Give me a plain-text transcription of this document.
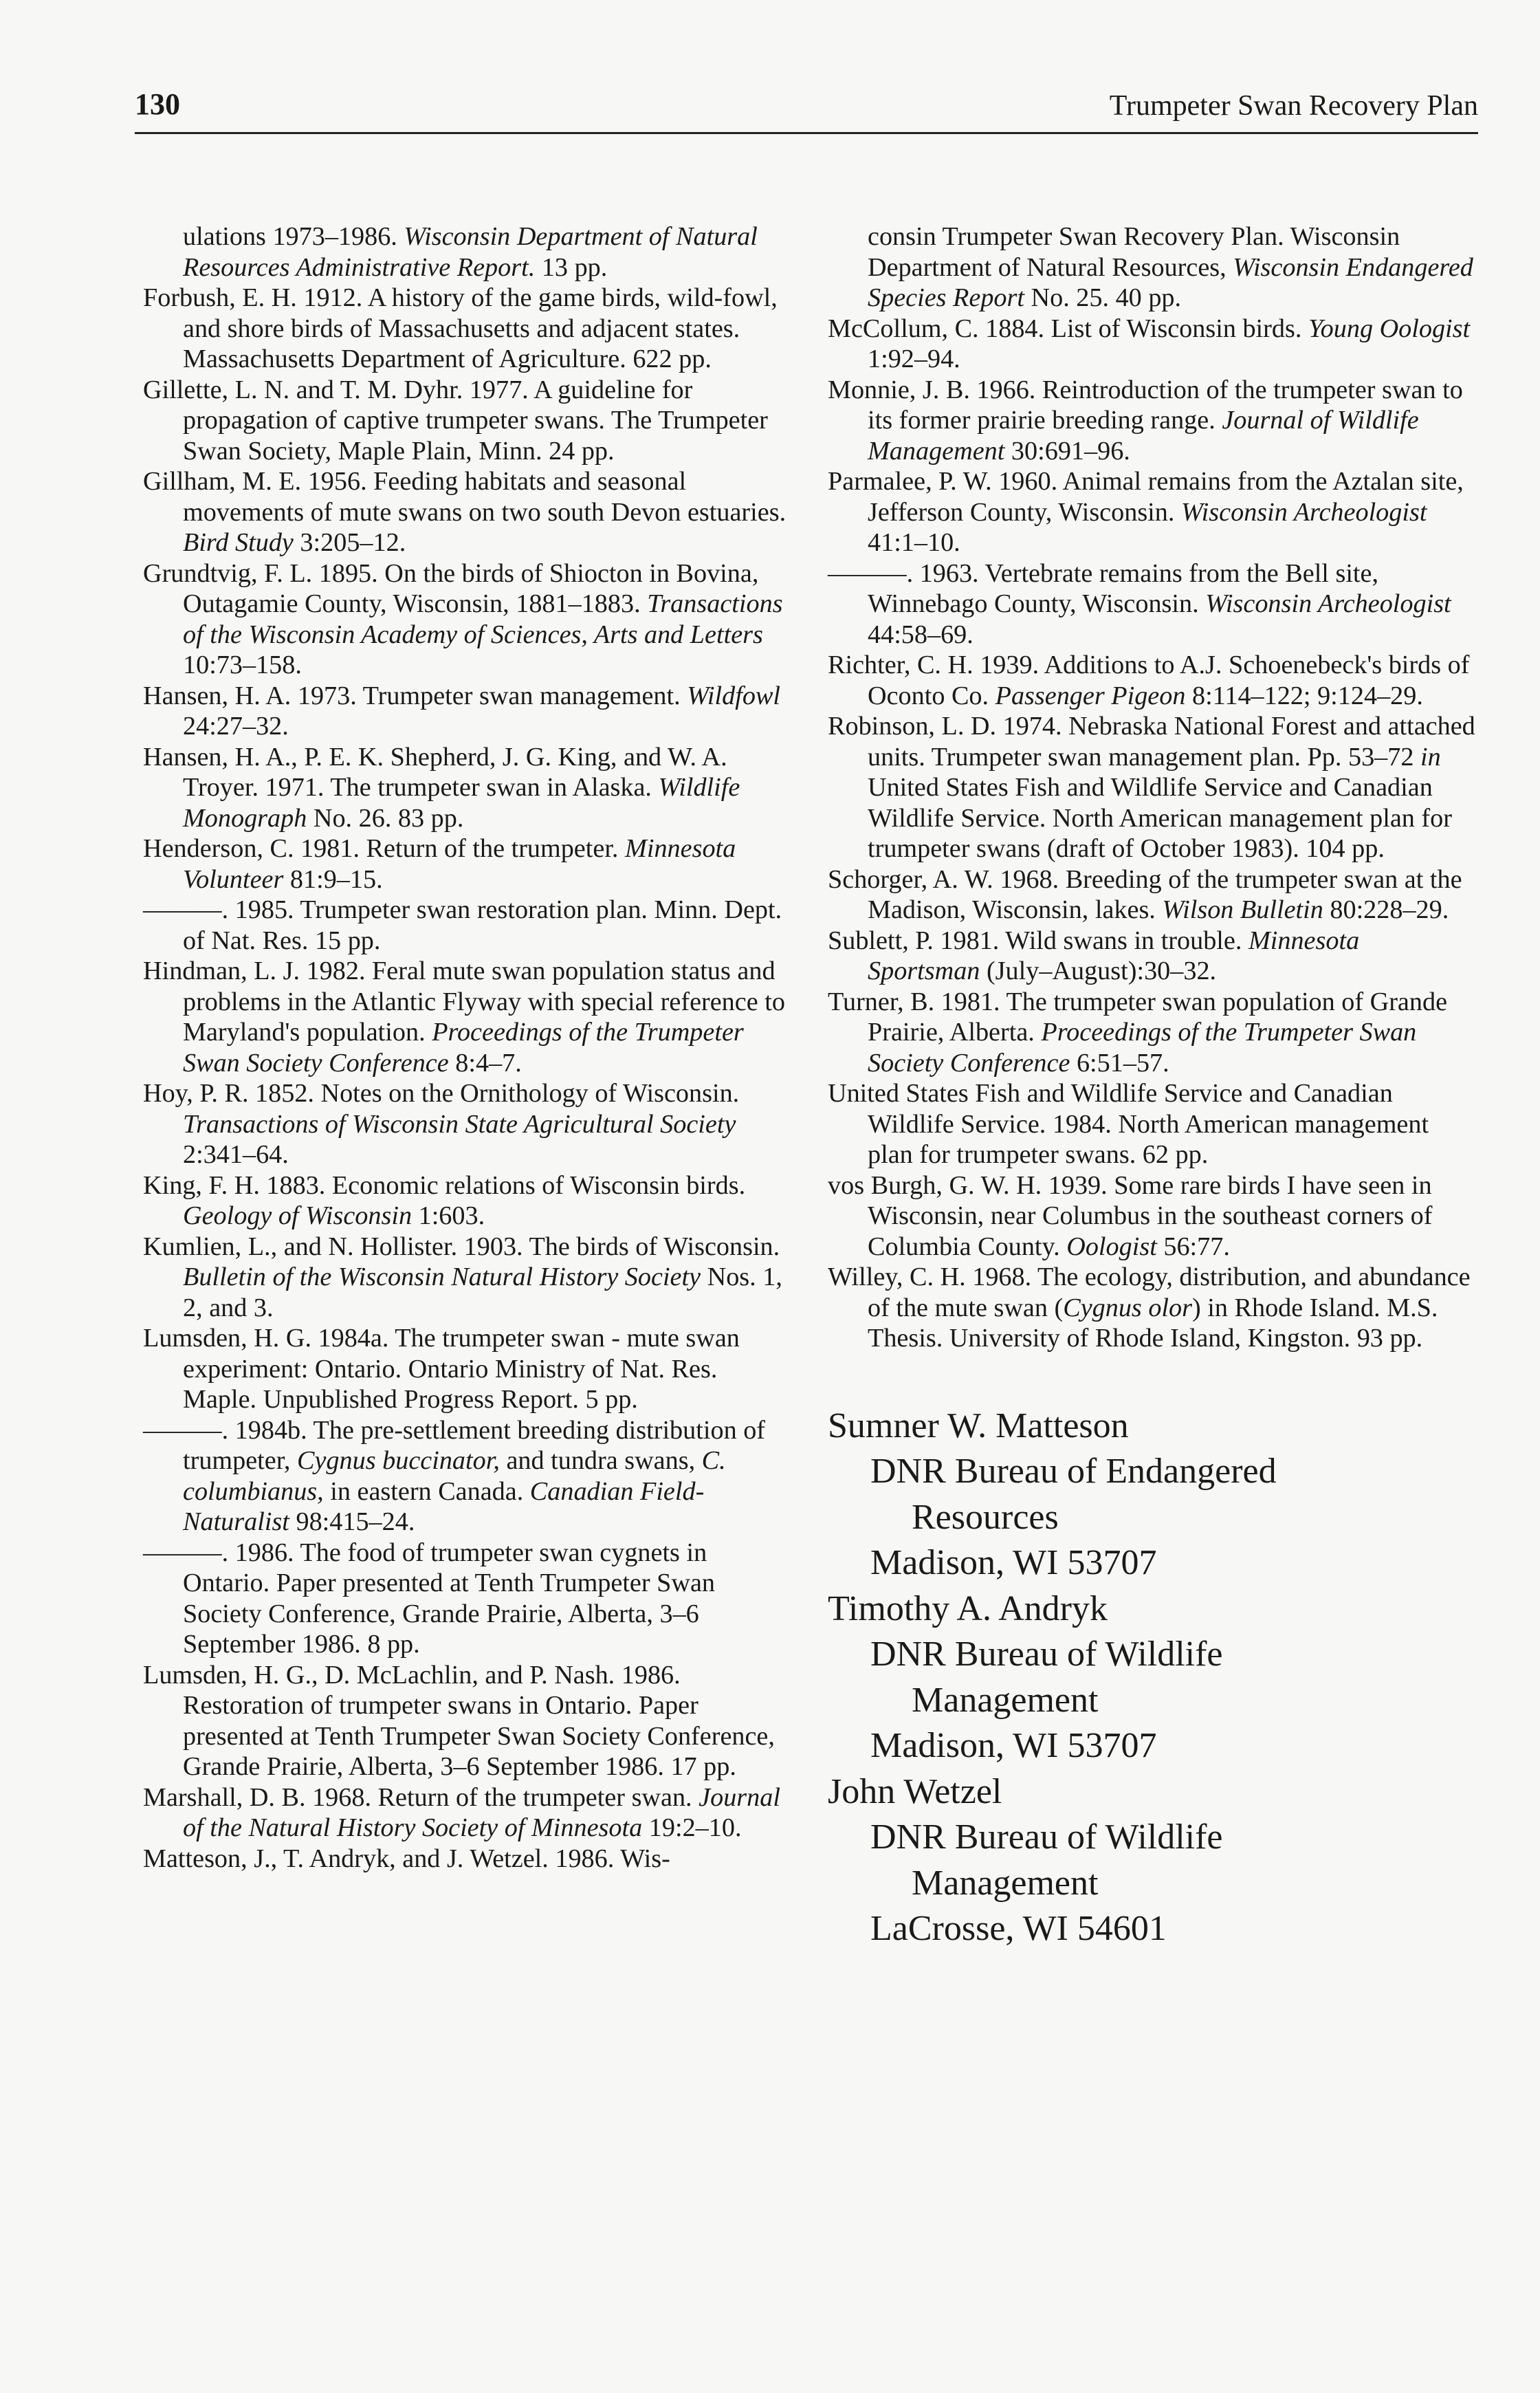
130	Trumpeter Swan Recovery Plan

ulations 1973–1986. Wisconsin Department of Natural Resources Administrative Report. 13 pp.

Forbush, E. H. 1912. A history of the game birds, wild-fowl, and shore birds of Massachusetts and adjacent states. Massachusetts Department of Agriculture. 622 pp.

Gillette, L. N. and T. M. Dyhr. 1977. A guideline for propagation of captive trumpeter swans. The Trumpeter Swan Society, Maple Plain, Minn. 24 pp.

Gillham, M. E. 1956. Feeding habitats and seasonal movements of mute swans on two south Devon estuaries. Bird Study 3:205–12.

Grundtvig, F. L. 1895. On the birds of Shiocton in Bovina, Outagamie County, Wisconsin, 1881–1883. Transactions of the Wisconsin Academy of Sciences, Arts and Letters 10:73–158.

Hansen, H. A. 1973. Trumpeter swan management. Wildfowl 24:27–32.

Hansen, H. A., P. E. K. Shepherd, J. G. King, and W. A. Troyer. 1971. The trumpeter swan in Alaska. Wildlife Monograph No. 26. 83 pp.

Henderson, C. 1981. Return of the trumpeter. Minnesota Volunteer 81:9–15.

———. 1985. Trumpeter swan restoration plan. Minn. Dept. of Nat. Res. 15 pp.

Hindman, L. J. 1982. Feral mute swan population status and problems in the Atlantic Flyway with special reference to Maryland's population. Proceedings of the Trumpeter Swan Society Conference 8:4–7.

Hoy, P. R. 1852. Notes on the Ornithology of Wisconsin. Transactions of Wisconsin State Agricultural Society 2:341–64.

King, F. H. 1883. Economic relations of Wisconsin birds. Geology of Wisconsin 1:603.

Kumlien, L., and N. Hollister. 1903. The birds of Wisconsin. Bulletin of the Wisconsin Natural History Society Nos. 1, 2, and 3.

Lumsden, H. G. 1984a. The trumpeter swan - mute swan experiment: Ontario. Ontario Ministry of Nat. Res. Maple. Unpublished Progress Report. 5 pp.

———. 1984b. The pre-settlement breeding distribution of trumpeter, Cygnus buccinator, and tundra swans, C. columbianus, in eastern Canada. Canadian Field-Naturalist 98:415–24.

———. 1986. The food of trumpeter swan cygnets in Ontario. Paper presented at Tenth Trumpeter Swan Society Conference, Grande Prairie, Alberta, 3–6 September 1986. 8 pp.

Lumsden, H. G., D. McLachlin, and P. Nash. 1986. Restoration of trumpeter swans in Ontario. Paper presented at Tenth Trumpeter Swan Society Conference, Grande Prairie, Alberta, 3–6 September 1986. 17 pp.

Marshall, D. B. 1968. Return of the trumpeter swan. Journal of the Natural History Society of Minnesota 19:2–10.

Matteson, J., T. Andryk, and J. Wetzel. 1986. Wis-

consin Trumpeter Swan Recovery Plan. Wisconsin Department of Natural Resources, Wisconsin Endangered Species Report No. 25. 40 pp.

McCollum, C. 1884. List of Wisconsin birds. Young Oologist 1:92–94.

Monnie, J. B. 1966. Reintroduction of the trumpeter swan to its former prairie breeding range. Journal of Wildlife Management 30:691–96.

Parmalee, P. W. 1960. Animal remains from the Aztalan site, Jefferson County, Wisconsin. Wisconsin Archeologist 41:1–10.

———. 1963. Vertebrate remains from the Bell site, Winnebago County, Wisconsin. Wisconsin Archeologist 44:58–69.

Richter, C. H. 1939. Additions to A.J. Schoenebeck's birds of Oconto Co. Passenger Pigeon 8:114–122; 9:124–29.

Robinson, L. D. 1974. Nebraska National Forest and attached units. Trumpeter swan management plan. Pp. 53–72 in United States Fish and Wildlife Service and Canadian Wildlife Service. North American management plan for trumpeter swans (draft of October 1983). 104 pp.

Schorger, A. W. 1968. Breeding of the trumpeter swan at the Madison, Wisconsin, lakes. Wilson Bulletin 80:228–29.

Sublett, P. 1981. Wild swans in trouble. Minnesota Sportsman (July–August):30–32.

Turner, B. 1981. The trumpeter swan population of Grande Prairie, Alberta. Proceedings of the Trumpeter Swan Society Conference 6:51–57.

United States Fish and Wildlife Service and Canadian Wildlife Service. 1984. North American management plan for trumpeter swans. 62 pp.

vos Burgh, G. W. H. 1939. Some rare birds I have seen in Wisconsin, near Columbus in the southeast corners of Columbia County. Oologist 56:77.

Willey, C. H. 1968. The ecology, distribution, and abundance of the mute swan (Cygnus olor) in Rhode Island. M.S. Thesis. University of Rhode Island, Kingston. 93 pp.

Sumner W. Matteson

DNR Bureau of Endangered

Resources

Madison, WI 53707

Timothy A. Andryk

DNR Bureau of Wildlife

Management

Madison, WI 53707

John Wetzel

DNR Bureau of Wildlife

Management

LaCrosse, WI 54601
